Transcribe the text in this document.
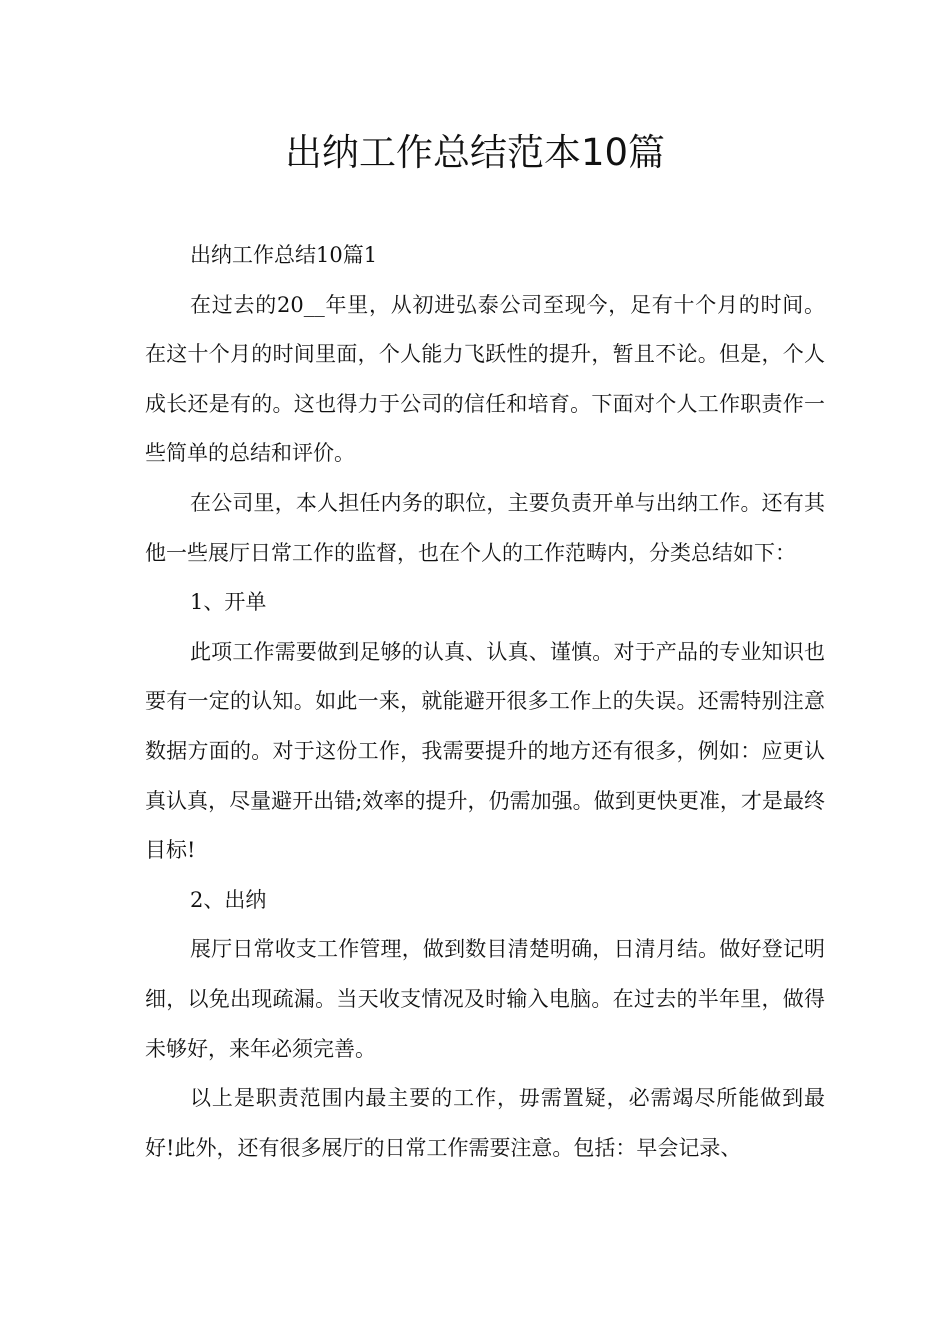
出纳工作总结范本10篇

出纳工作总结10篇1

在过去的20__年里，从初进弘泰公司至现今，足有十个月的时间。在这十个月的时间里面，个人能力飞跃性的提升，暂且不论。但是，个人成长还是有的。这也得力于公司的信任和培育。下面对个人工作职责作一些简单的总结和评价。

在公司里，本人担任内务的职位，主要负责开单与出纳工作。还有其他一些展厅日常工作的监督，也在个人的工作范畴内，分类总结如下：

1、开单

此项工作需要做到足够的认真、认真、谨慎。对于产品的专业知识也要有一定的认知。如此一来，就能避开很多工作上的失误。还需特别注意数据方面的。对于这份工作，我需要提升的地方还有很多，例如：应更认真认真，尽量避开出错;效率的提升，仍需加强。做到更快更准，才是最终目标!

2、出纳

展厅日常收支工作管理，做到数目清楚明确，日清月结。做好登记明细，以免出现疏漏。当天收支情况及时输入电脑。在过去的半年里，做得未够好，来年必须完善。

以上是职责范围内最主要的工作，毋需置疑，必需竭尽所能做到最好!此外，还有很多展厅的日常工作需要注意。包括：早会记录、
